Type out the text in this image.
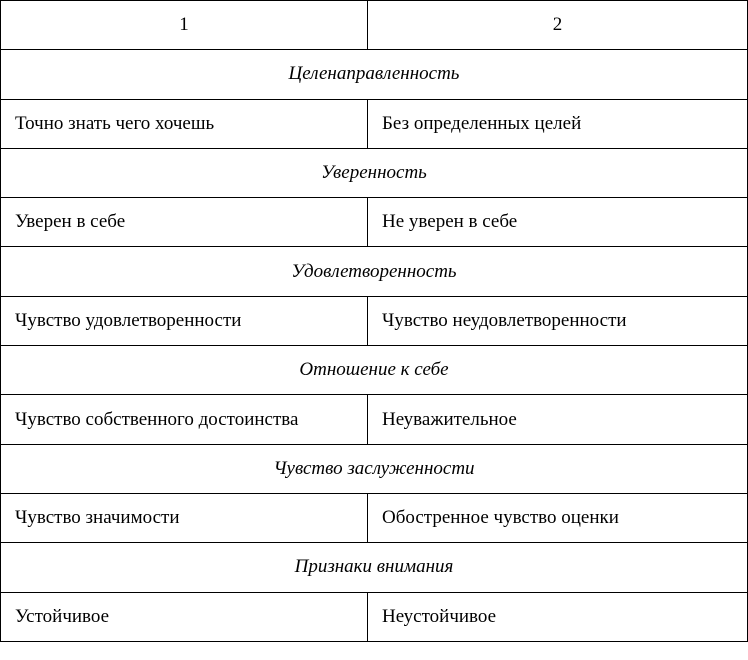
1	2
Целенаправленность	
Точно знать чего хочешь	Без определенных целей
Уверенность	
Уверен в себе	Не уверен в себе
Удовлетворенность	
Чувство удовлетворенности	Чувство неудовлетворенности
Отношение к себе	
Чувство собственного достоинства	Неуважительное
Чувство заслуженности	
Чувство значимости	Обостренное чувство оценки
Признаки внимания	
Устойчивое	Неустойчивое
